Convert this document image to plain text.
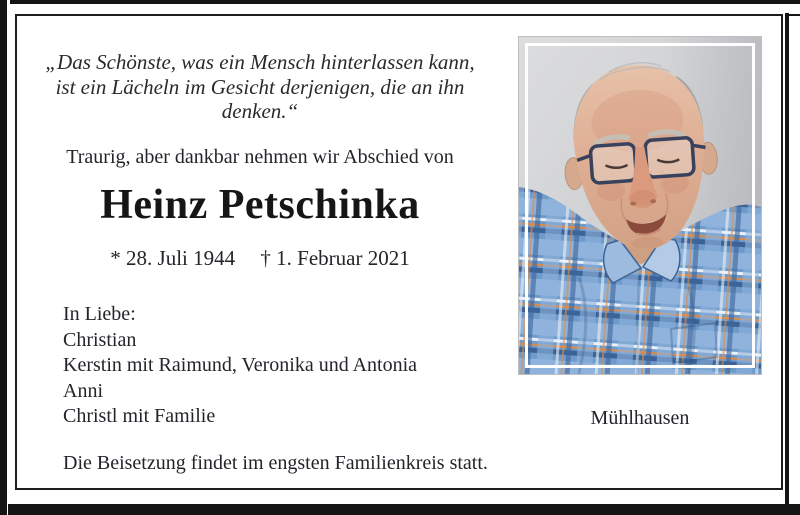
„Das Schönste, was ein Mensch hinterlassen kann,
ist ein Lächeln im Gesicht derjenigen, die an ihn
denken.“
Traurig, aber dankbar nehmen wir Abschied von
Heinz Petschinka
* 28. Juli 1944 † 1. Februar 2021
In Liebe:
Christian
Kerstin mit Raimund, Veronika und Antonia
Anni
Christl mit Familie
Die Beisetzung findet im engsten Familienkreis statt.
Mühlhausen
